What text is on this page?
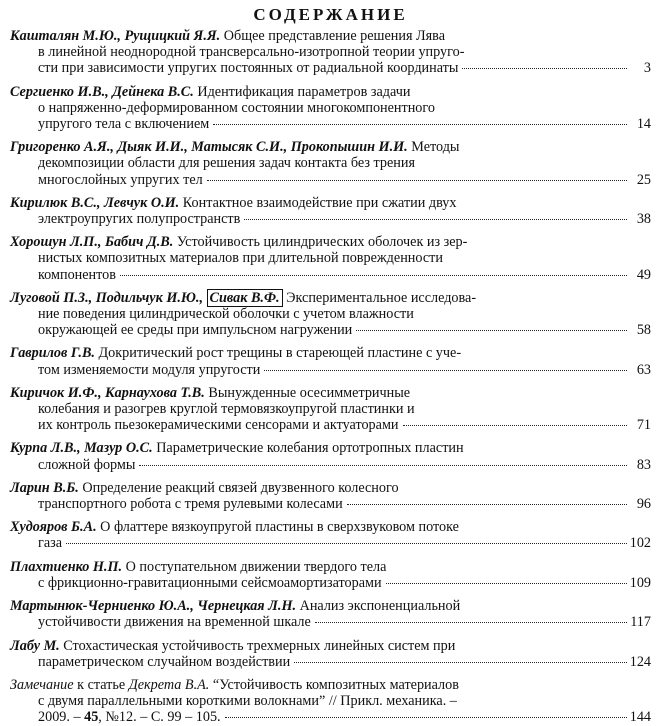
СОДЕРЖАНИЕ
Кашталян М.Ю., Рущицкий Я.Я. Общее представление решения Лява
в линейной неоднородной трансверсально-изотропной теории упруго-
сти при зависимости упругих постоянных от радиальной координаты	3
Сергиенко И.В., Дейнека В.С. Идентификация параметров задачи
о напряженно-деформированном состоянии многокомпонентного
упругого тела с включением	14
Григоренко А.Я., Дыяк И.И., Матысяк С.И., Прокопышин И.И. Методы
декомпозиции области для решения задач контакта без трения
многослойных упругих тел	25
Кирилюк В.С., Левчук О.И. Контактное взаимодействие при сжатии двух
электроупругих полупространств	38
Хорошун Л.П., Бабич Д.В. Устойчивость цилиндрических оболочек из зер-
нистых композитных материалов при длительной поврежденности
компонентов	49
Луговой П.З., Подильчук И.Ю., Сивак В.Ф. Экспериментальное исследова-
ние поведения цилиндрической оболочки с учетом влажности
окружающей ее среды при импульсном нагружении	58
Гаврилов Г.В. Докритический рост трещины в стареющей пластине с уче-
том изменяемости модуля упругости	63
Киричок И.Ф., Карнаухова Т.В. Вынужденные осесимметричные
колебания и разогрев круглой термовязкоупругой пластинки и
их контроль пьезокерамическими сенсорами и актуаторами	71
Курпа Л.В., Мазур О.С. Параметрические колебания ортотропных пластин
сложной формы	83
Ларин В.Б. Определение реакций связей двузвенного колесного
транспортного робота с тремя рулевыми колесами	96
Худояров Б.А. О флаттере вязкоупругой пластины в сверхзвуковом потоке
газа	102
Плахтиенко Н.П. О поступательном движении твердого тела
с фрикционно-гравитационными сейсмоамортизаторами	109
Мартынюк-Черниенко Ю.А., Чернецкая Л.Н. Анализ экспоненциальной
устойчивости движения на временной шкале	117
Лабу М. Стохастическая устойчивость трехмерных линейных систем при
параметрическом случайном воздействии	124
Замечание к статье Декрета В.А. “Устойчивость композитных материалов
с двумя параллельными короткими волокнами” // Прикл. механика. –
2009. – 45, №12. – С. 99 – 105.	144
